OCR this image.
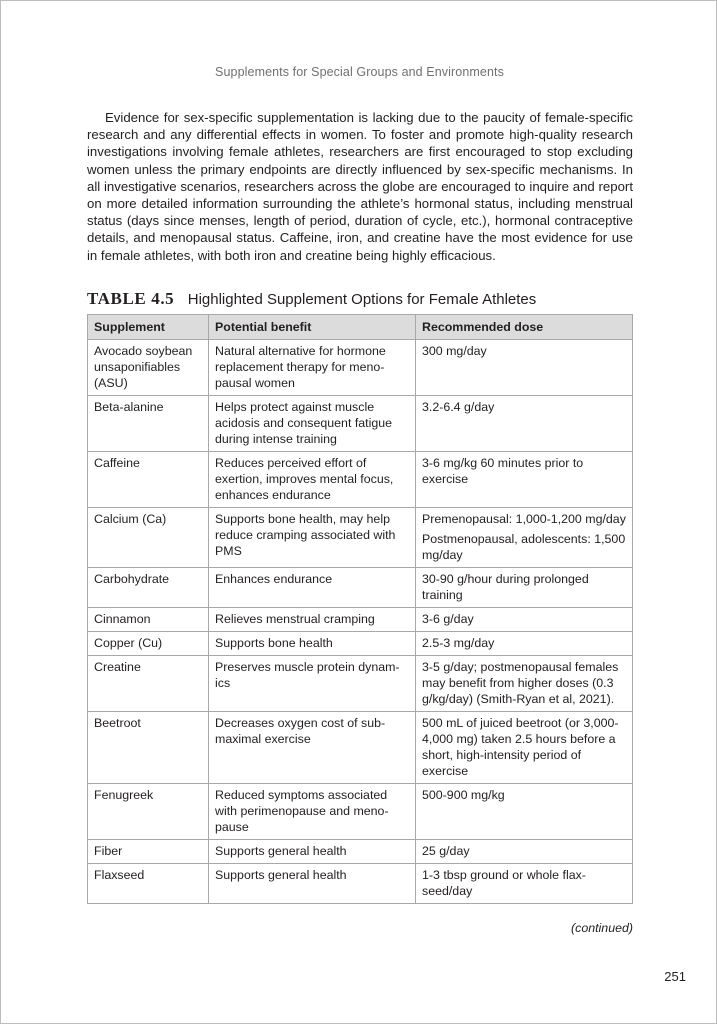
Supplements for Special Groups and Environments

Evidence for sex-specific supplementation is lacking due to the paucity of female-specific research and any differential effects in women. To foster and promote high-quality research investigations involving female athletes, researchers are first encouraged to stop excluding women unless the primary endpoints are directly influenced by sex-specific mechanisms. In all investigative scenarios, researchers across the globe are encouraged to inquire and report on more detailed information surrounding the athlete’s hormonal status, including menstrual status (days since menses, length of period, duration of cycle, etc.), hormonal contraceptive details, and menopausal status. Caffeine, iron, and creatine have the most evidence for use in female athletes, with both iron and creatine being highly efficacious.

TABLE 4.5 Highlighted Supplement Options for Female Athletes
Supplement	Potential benefit	Recommended dose
Avocado soybean unsaponifiables (ASU)	Natural alternative for hormone replacement therapy for meno-pausal women	300 mg/day

Beta-alanine	Helps protect against muscle acidosis and consequent fatigue during intense training	3.2-6.4 g/day

Caffeine	Reduces perceived effort of exertion, improves mental focus, enhances endurance	3-6 mg/kg 60 minutes prior to exercise

Calcium (Ca)	Supports bone health, may help reduce cramping associated with PMS	Premenopausal: 1,000-1,200 mg/day
Postmenopausal, adolescents: 1,500 mg/day

Carbohydrate	Enhances endurance	30-90 g/hour during prolonged training

Cinnamon	Relieves menstrual cramping	3-6 g/day

Copper (Cu)	Supports bone health	2.5-3 mg/day

Creatine	Preserves muscle protein dynam-ics	3-5 g/day; postmenopausal females may benefit from higher doses (0.3 g/kg/day) (Smith-Ryan et al, 2021).

Beetroot	Decreases oxygen cost of sub-maximal exercise	500 mL of juiced beetroot (or 3,000-4,000 mg) taken 2.5 hours before a short, high-intensity period of exercise

Fenugreek	Reduced symptoms associated with perimenopause and meno-pause	500-900 mg/kg

Fiber	Supports general health	25 g/day

Flaxseed	Supports general health	1-3 tbsp ground or whole flax-seed/day
(continued)
251
